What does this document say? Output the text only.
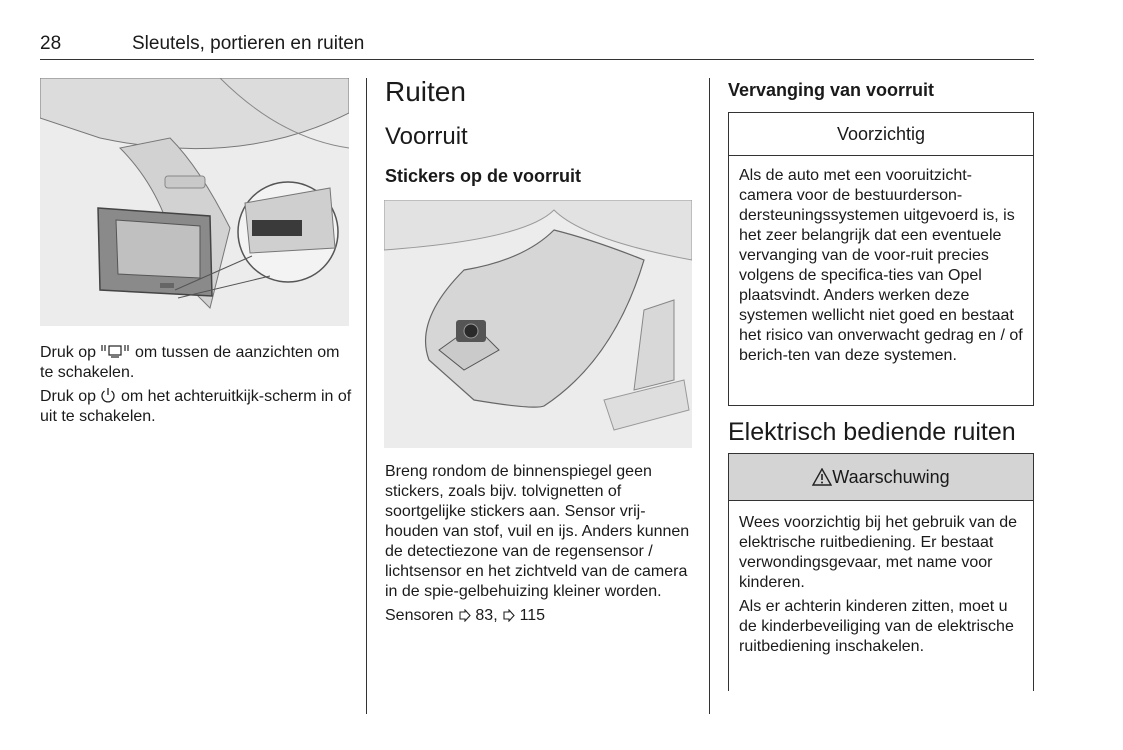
28	Sleutels, portieren en ruiten

Druk op om tussen de aanzichten om te schakelen.

Druk op om het achteruitkijk-scherm in of uit te schakelen.

Ruiten
Voorruit
Stickers op de voorruit

Breng rondom de binnenspiegel geen stickers, zoals bijv. tolvignetten of soortgelijke stickers aan. Sensor vrij-houden van stof, vuil en ijs. Anders kunnen de detectiezone van de regensensor / lichtsensor en het zichtveld van de camera in de spie-gelbehuizing kleiner worden.

Sensoren 83, 115

Vervanging van voorruit
Voorzichtig

Als de auto met een vooruitzicht-camera voor de bestuurderson-dersteuningssystemen uitgevoerd is, is het zeer belangrijk dat een eventuele vervanging van de voor-ruit precies volgens de specifica-ties van Opel plaatsvindt. Anders werken deze systemen wellicht niet goed en bestaat het risico van onverwacht gedrag en / of berich-ten van deze systemen.

Elektrisch bediende ruiten
Waarschuwing

Wees voorzichtig bij het gebruik van de elektrische ruitbediening. Er bestaat verwondingsgevaar, met name voor kinderen.

Als er achterin kinderen zitten, moet u de kinderbeveiliging van de elektrische ruitbediening inschakelen.
